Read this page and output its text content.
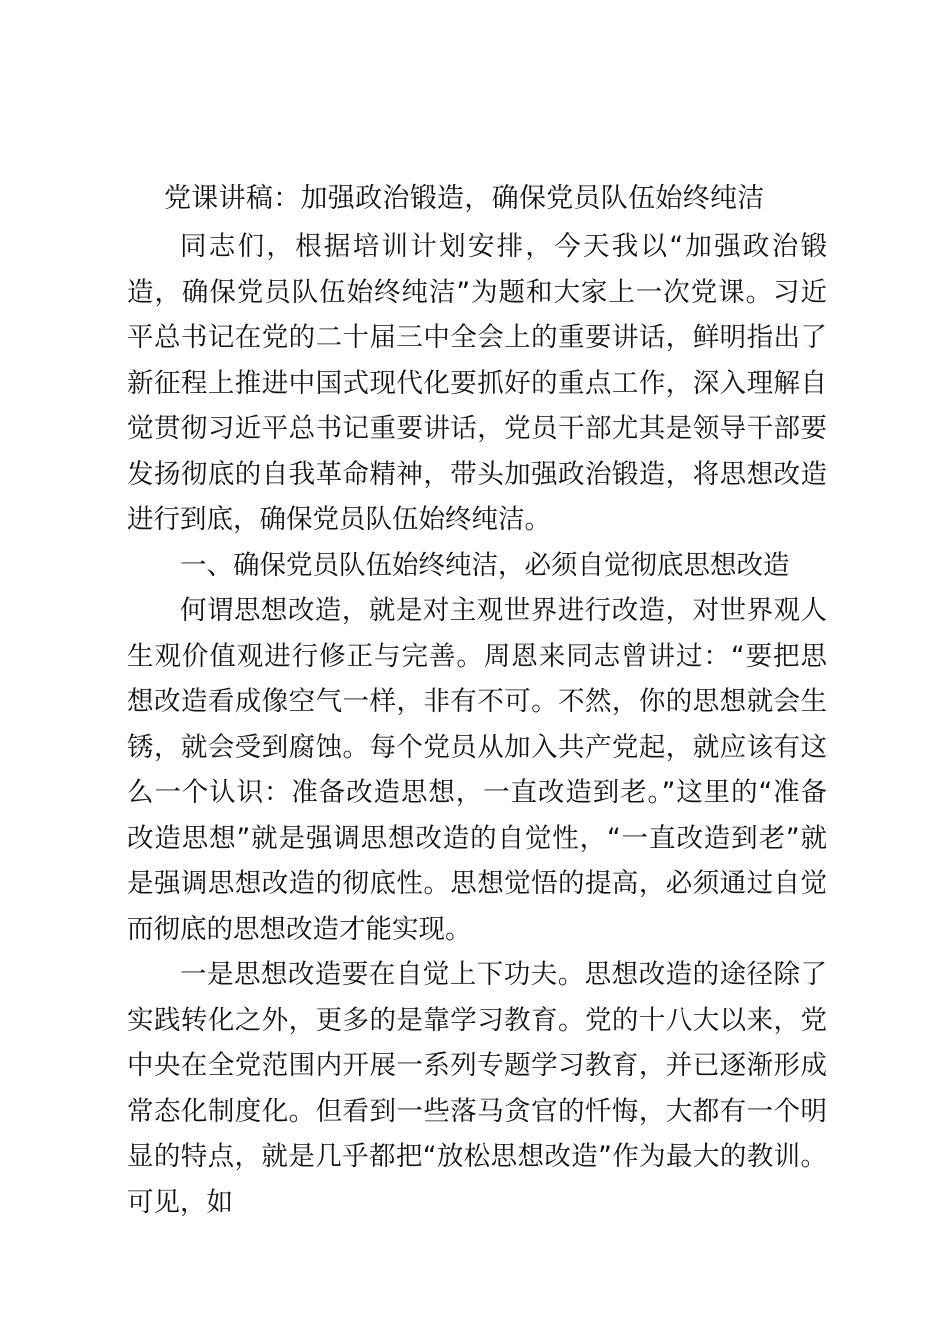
党课讲稿：加强政治锻造，确保党员队伍始终纯洁

同志们，根据培训计划安排，今天我以“加强政治锻造，确保党员队伍始终纯洁”为题和大家上一次党课。习近平总书记在党的二十届三中全会上的重要讲话，鲜明指出了新征程上推进中国式现代化要抓好的重点工作，深入理解自觉贯彻习近平总书记重要讲话，党员干部尤其是领导干部要发扬彻底的自我革命精神，带头加强政治锻造，将思想改造进行到底，确保党员队伍始终纯洁。

一、确保党员队伍始终纯洁，必须自觉彻底思想改造

何谓思想改造，就是对主观世界进行改造，对世界观人生观价值观进行修正与完善。周恩来同志曾讲过：“要把思想改造看成像空气一样，非有不可。不然，你的思想就会生锈，就会受到腐蚀。每个党员从加入共产党起，就应该有这么一个认识：准备改造思想，一直改造到老。”这里的“准备改造思想”就是强调思想改造的自觉性，“一直改造到老”就是强调思想改造的彻底性。思想觉悟的提高，必须通过自觉而彻底的思想改造才能实现。

一是思想改造要在自觉上下功夫。思想改造的途径除了实践转化之外，更多的是靠学习教育。党的十八大以来，党中央在全党范围内开展一系列专题学习教育，并已逐渐形成常态化制度化。但看到一些落马贪官的忏悔，大都有一个明显的特点，就是几乎都把“放松思想改造”作为最大的教训。可见，如
